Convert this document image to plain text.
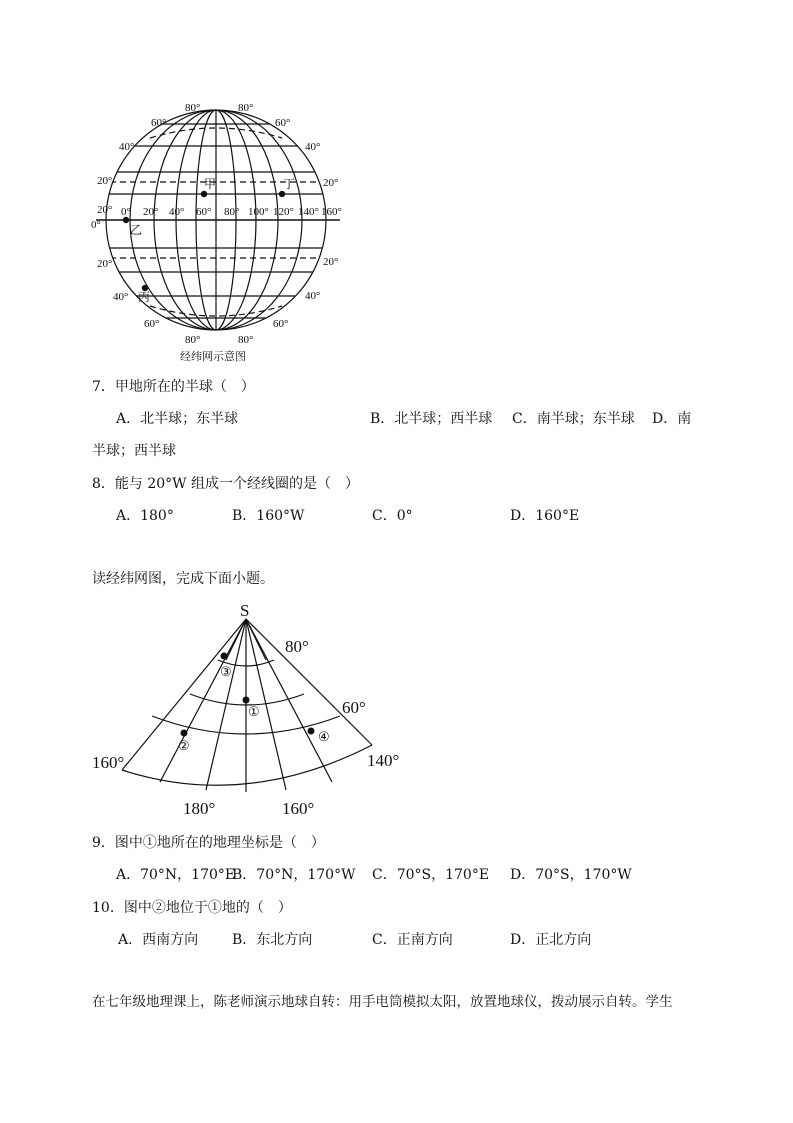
80°	80°
60°
40°
20°
20°
0°
20°
40°
60°
60°
40°
20°
20°
40°
60°
80°	80°
0° 20° 40° 60° 80° 100° 120° 140° 160°
甲	丁
乙
丙
经纬网示意图
7．甲地所在的半球（　）
A．北半球；东半球	B．北半球；西半球 C．南半球；东半球 D．南
半球；西半球
8．能与 20°W 组成一个经线圈的是（　）
A．180°	B．160°W	C．0°	D．160°E
读经纬网图，完成下面小题。
S
80°
60°
160°
180°	160°
140°
①
②
③
④
9．图中①地所在的地理坐标是（　）
A．70°N，170°E
B．70°N，170°W C．70°S，170°E D．70°S，170°W
10．图中②地位于①地的（　）
A．西南方向 B．东北方向	C．正南方向	D．正北方向
在七年级地理课上，陈老师演示地球自转：用手电筒模拟太阳，放置地球仪，拨动展示自转。学生
